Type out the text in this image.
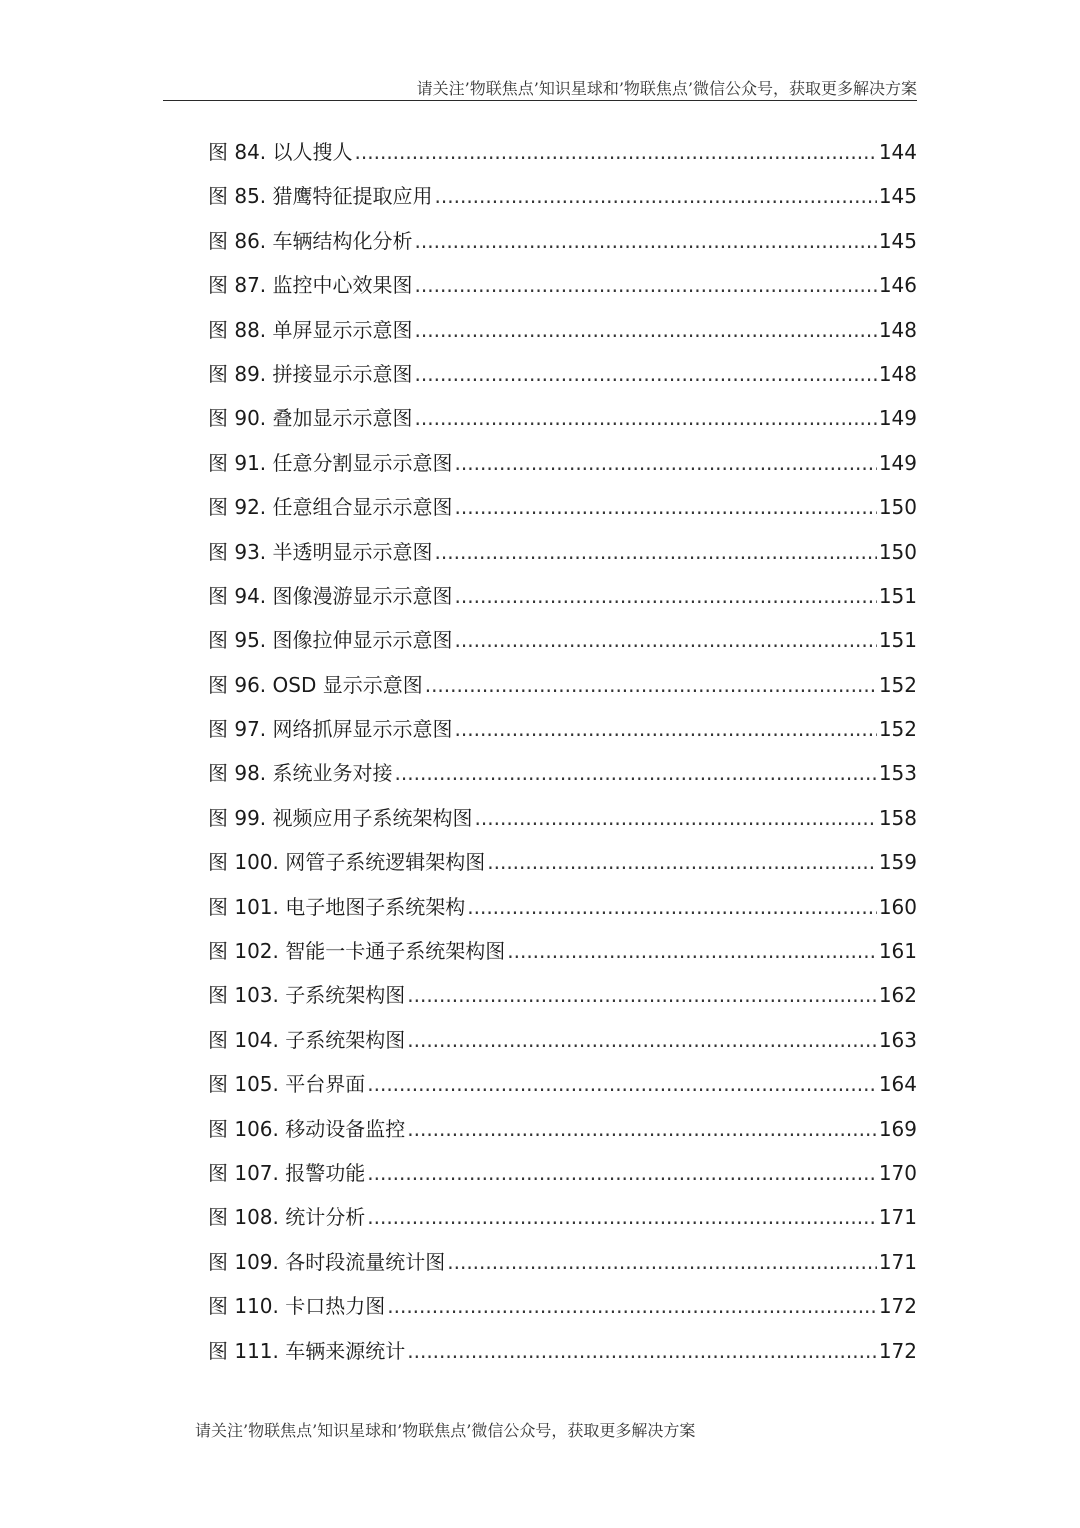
请关注’物联焦点’知识星球和’物联焦点’微信公众号，获取更多解决方案
图 84. 以人搜人 .....	144
图 85. 猎鹰特征提取应用 .....	145
图 86. 车辆结构化分析 .....	145
图 87. 监控中心效果图 .....	146
图 88. 单屏显示示意图 .....	148
图 89. 拼接显示示意图 .....	148
图 90. 叠加显示示意图 .....	149
图 91. 任意分割显示示意图 .....	149
图 92. 任意组合显示示意图 .....	150
图 93. 半透明显示示意图 .....	150
图 94. 图像漫游显示示意图 .....	151
图 95. 图像拉伸显示示意图 .....	151
图 96. OSD 显示示意图 .....	152
图 97. 网络抓屏显示示意图 .....	152
图 98. 系统业务对接 .....	153
图 99. 视频应用子系统架构图 .....	158
图 100. 网管子系统逻辑架构图 .....	159
图 101. 电子地图子系统架构 .....	160
图 102. 智能一卡通子系统架构图 .....	161
图 103. 子系统架构图 .....	162
图 104. 子系统架构图 .....	163
图 105. 平台界面 .....	164
图 106. 移动设备监控 .....	169
图 107. 报警功能 .....	170
图 108. 统计分析 .....	171
图 109. 各时段流量统计图 .....	171
图 110. 卡口热力图 .....	172
图 111. 车辆来源统计 .....	172
请关注’物联焦点’知识星球和’物联焦点’微信公众号，获取更多解决方案
